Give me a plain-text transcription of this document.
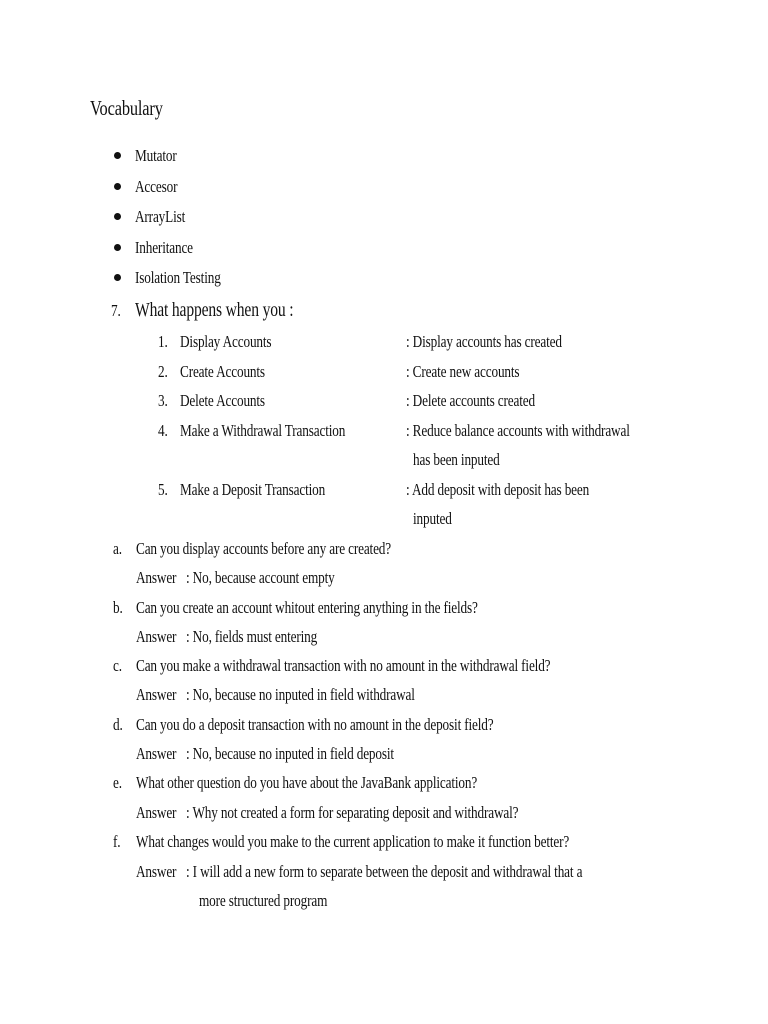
Vocabulary
Mutator
Accesor
ArrayList
Inheritance
Isolation Testing
7. What happens when you :
1. Display Accounts	: Display accounts has created
2. Create Accounts	: Create new accounts
3. Delete Accounts	: Delete accounts created
4. Make a Withdrawal Transaction	: Reduce balance accounts with withdrawal
has been inputed
5. Make a Deposit Transaction	: Add deposit with deposit has been
inputed
a. Can you display accounts before any are created?
Answer : No, because account empty
b. Can you create an account whitout entering anything in the fields?
Answer : No, fields must entering
c. Can you make a withdrawal transaction with no amount in the withdrawal field?
Answer : No, because no inputed in field withdrawal
d. Can you do a deposit transaction with no amount in the deposit field?
Answer : No, because no inputed in field deposit
e. What other question do you have about the JavaBank application?
Answer : Why not created a form for separating deposit and withdrawal?
f. What changes would you make to the current application to make it function better?
Answer : I will add a new form to separate between the deposit and withdrawal that a
more structured program
